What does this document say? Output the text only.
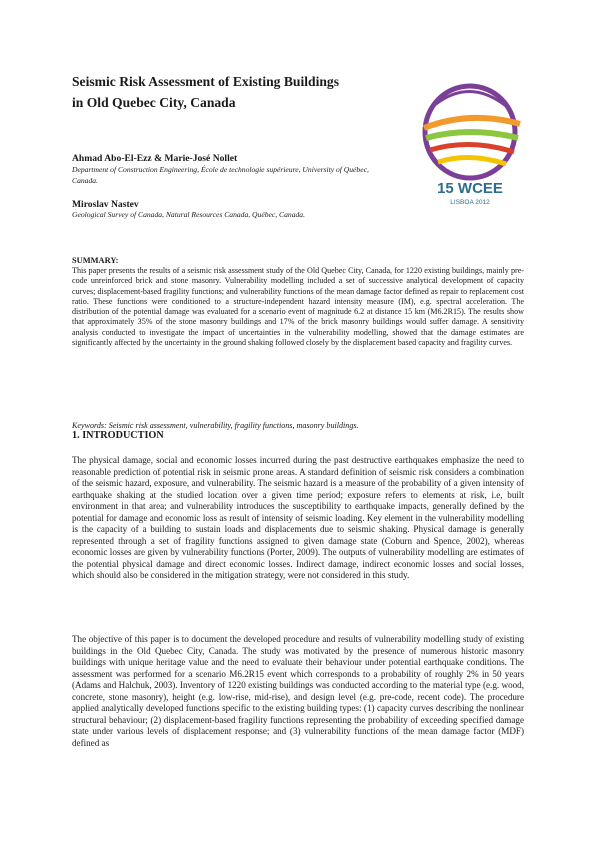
Seismic Risk Assessment of Existing Buildings
in Old Quebec City, Canada
15 WCEE
LISBOA 2012
Ahmad Abo-El-Ezz & Marie-José Nollet
Department of Construction Engineering, École de technologie supérieure, University of Québec, Canada.
Miroslav Nastev
Geological Survey of Canada, Natural Resources Canada, Québec, Canada.
SUMMARY:
This paper presents the results of a seismic risk assessment study of the Old Quebec City, Canada, for 1220 existing buildings, mainly pre-code unreinforced brick and stone masonry. Vulnerability modelling included a set of successive analytical development of capacity curves; displacement-based fragility functions; and vulnerability functions of the mean damage factor defined as repair to replacement cost ratio. These functions were conditioned to a structure-independent hazard intensity measure (IM), e.g. spectral acceleration. The distribution of the potential damage was evaluated for a scenario event of magnitude 6.2 at distance 15 km (M6.2R15). The results show that approximately 35% of the stone masonry buildings and 17% of the brick masonry buildings would suffer damage. A sensitivity analysis conducted to investigate the impact of uncertainties in the vulnerability modelling, showed that the damage estimates are significantly affected by the uncertainty in the ground shaking followed closely by the displacement based capacity and fragility curves.
Keywords: Seismic risk assessment, vulnerability, fragility functions, masonry buildings.
1. INTRODUCTION
The physical damage, social and economic losses incurred during the past destructive earthquakes emphasize the need to reasonable prediction of potential risk in seismic prone areas. A standard definition of seismic risk considers a combination of the seismic hazard, exposure, and vulnerability. The seismic hazard is a measure of the probability of a given intensity of earthquake shaking at the studied location over a given time period; exposure refers to elements at risk, i.e, built environment in that area; and vulnerability introduces the susceptibility to earthquake impacts, generally defined by the potential for damage and economic loss as result of intensity of seismic loading. Key element in the vulnerability modelling is the capacity of a building to sustain loads and displacements due to seismic shaking. Physical damage is generally represented through a set of fragility functions assigned to given damage state (Coburn and Spence, 2002), whereas economic losses are given by vulnerability functions (Porter, 2009). The outputs of vulnerability modelling are estimates of the potential physical damage and direct economic losses. Indirect damage, indirect economic losses and social losses, which should also be considered in the mitigation strategy, were not considered in this study.
The objective of this paper is to document the developed procedure and results of vulnerability modelling study of existing buildings in the Old Quebec City, Canada. The study was motivated by the presence of numerous historic masonry buildings with unique heritage value and the need to evaluate their behaviour under potential earthquake conditions. The assessment was performed for a scenario M6.2R15 event which corresponds to a probability of roughly 2% in 50 years (Adams and Halchuk, 2003). Inventory of 1220 existing buildings was conducted according to the material type (e.g. wood, concrete, stone masonry), height (e.g. low-rise, mid-rise), and design level (e.g. pre-code, recent code). The procedure applied analytically developed functions specific to the existing building types: (1) capacity curves describing the nonlinear structural behaviour; (2) displacement-based fragility functions representing the probability of exceeding specified damage state under various levels of displacement response; and (3) vulnerability functions of the mean damage factor (MDF) defined as
